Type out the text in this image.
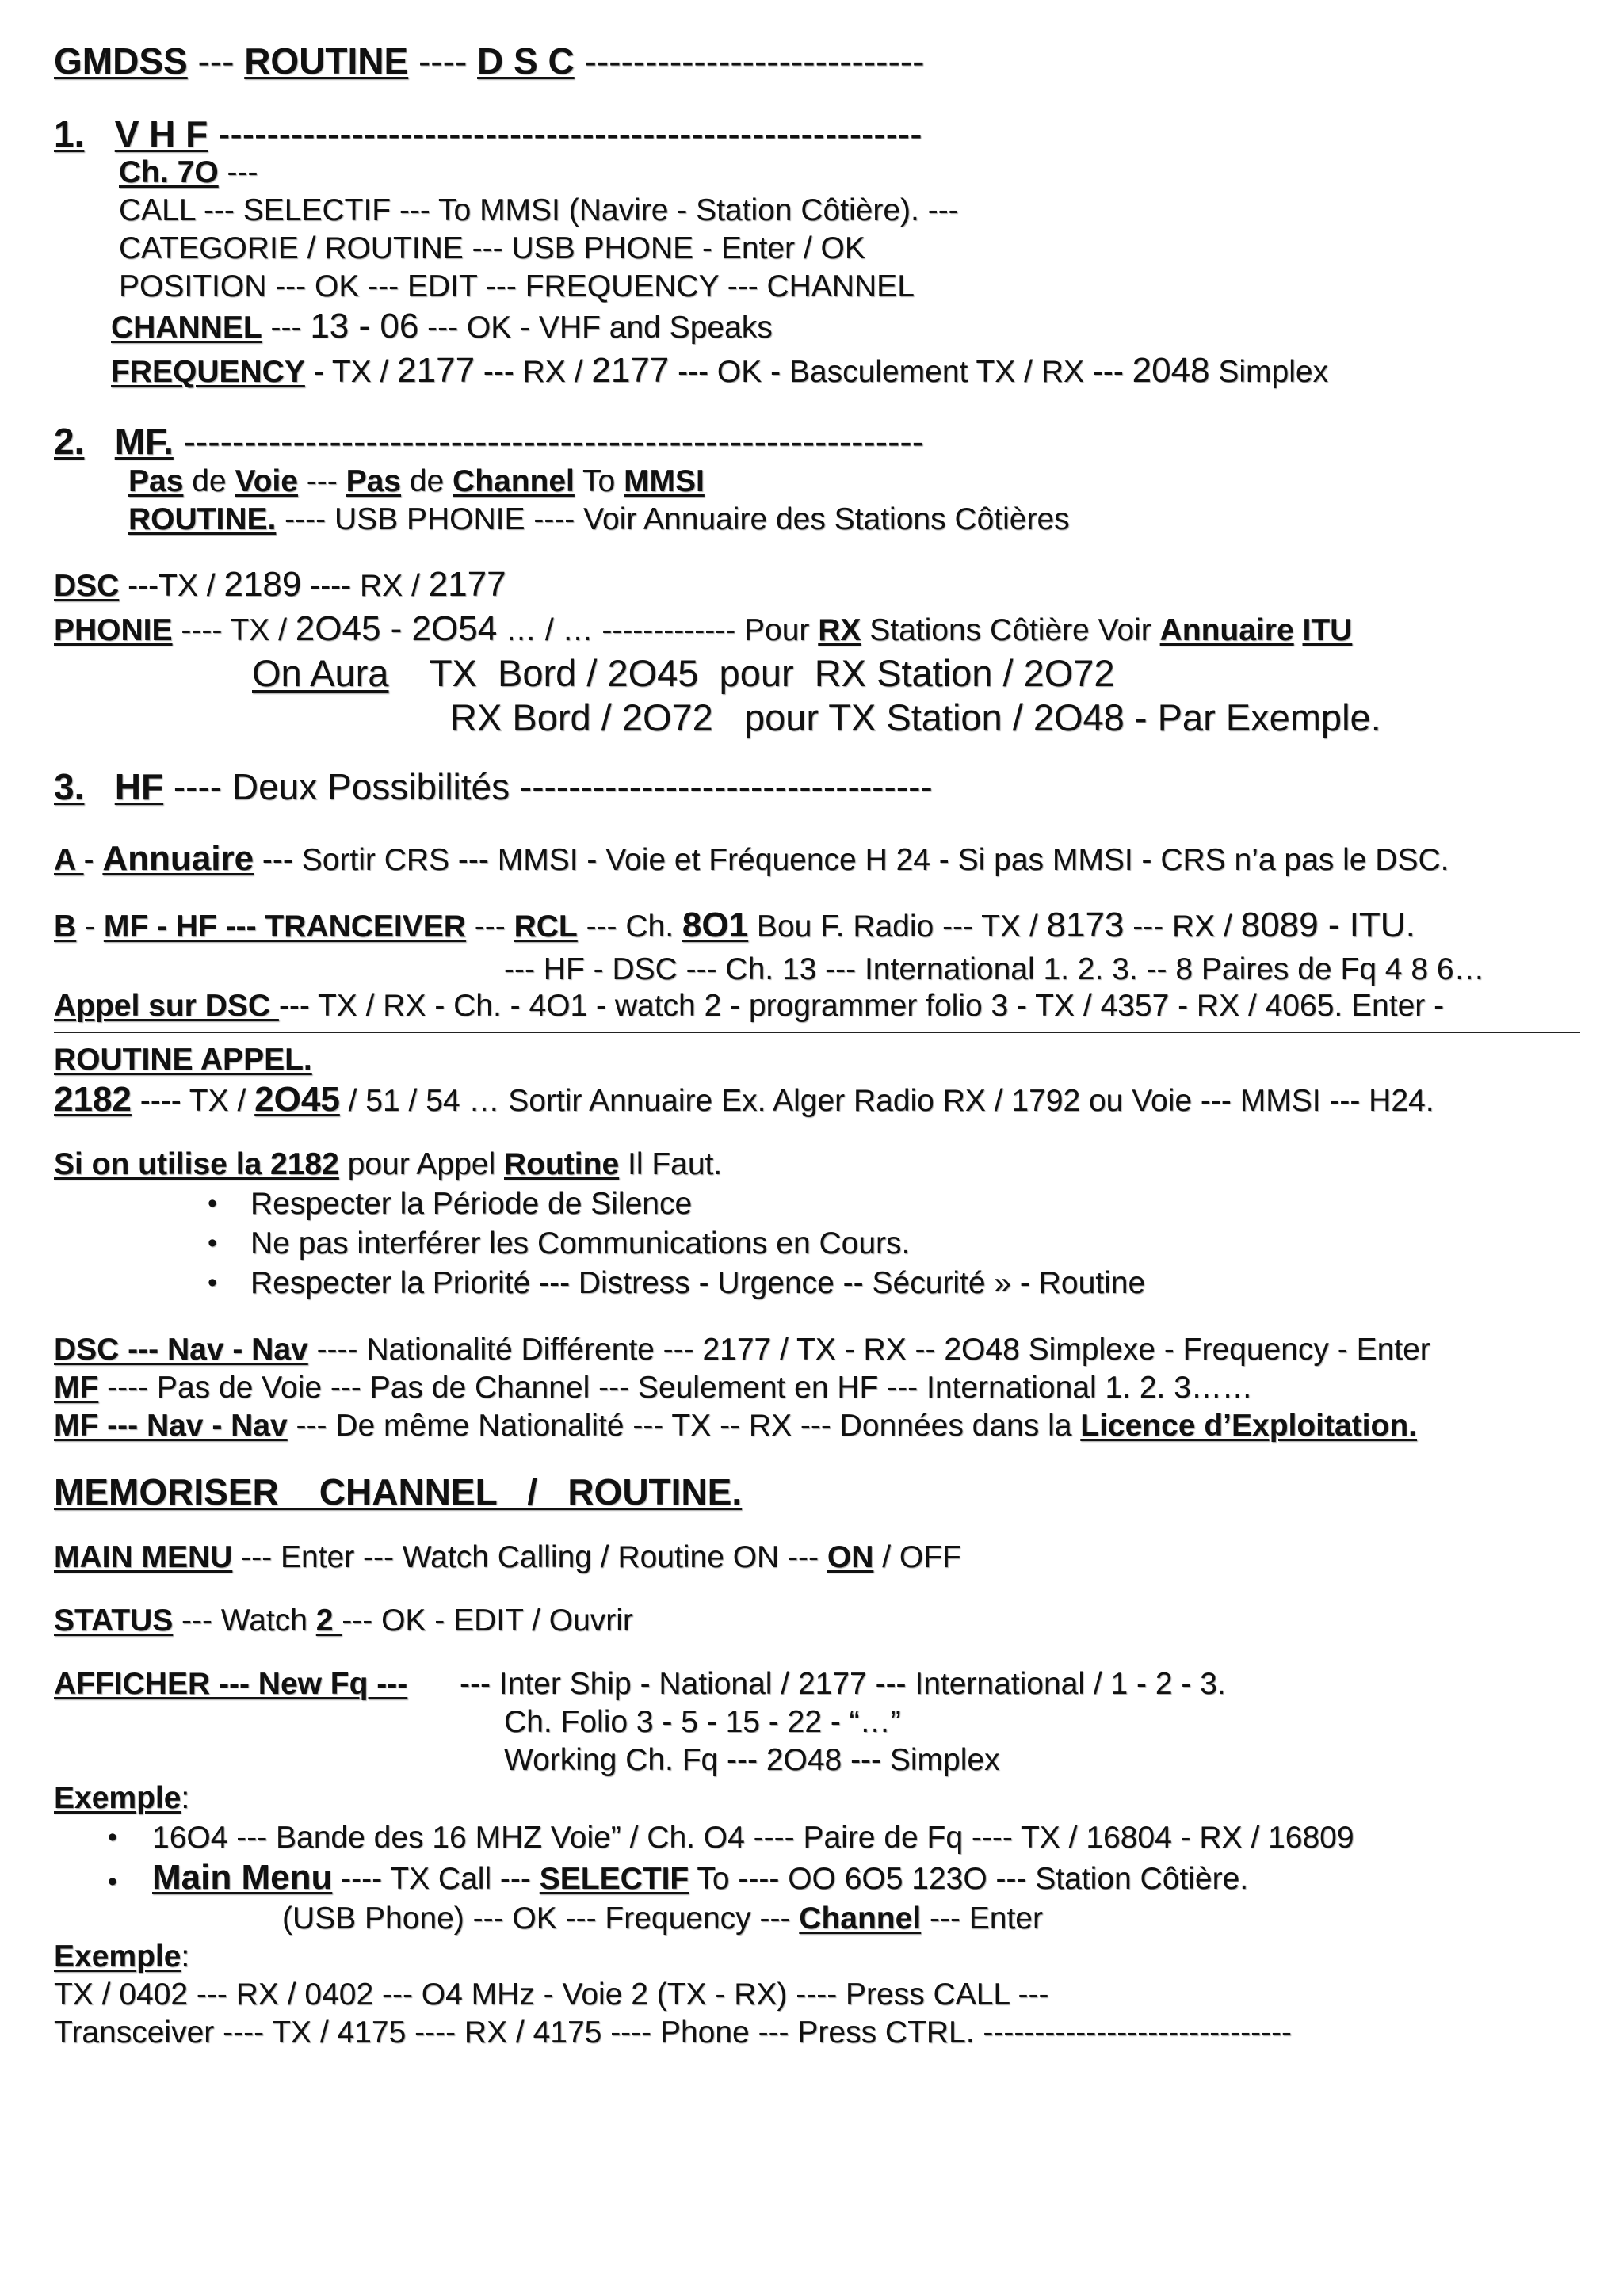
GMDSS --- ROUTINE ---- D S C ----------------------------
1. V H F ----------------------------------------------------------
Ch. 7O ---
CALL --- SELECTIF --- To MMSI (Navire - Station Côtière). ---
CATEGORIE / ROUTINE --- USB PHONE - Enter / OK
POSITION --- OK --- EDIT --- FREQUENCY --- CHANNEL
CHANNEL --- 13 - 06 --- OK - VHF and Speaks
FREQUENCY - TX / 2177 --- RX / 2177 --- OK - Basculement TX / RX --- 2048 Simplex
2. MF. -------------------------------------------------------------
Pas de Voie --- Pas de Channel To MMSI
ROUTINE. ---- USB PHONIE ---- Voir Annuaire des Stations Côtières
DSC ---TX / 2189 ---- RX / 2177
PHONIE ---- TX / 2O45 - 2O54 … / … ------------- Pour RX Stations Côtière Voir Annuaire ITU
On Aura    TX  Bord / 2O45  pour  RX Station / 2O72
RX Bord / 2O72   pour TX Station / 2O48 - Par Exemple.
3. HF ---- Deux Possibilités ----------------------------------
A - Annuaire --- Sortir CRS --- MMSI - Voie et Fréquence H 24 - Si pas MMSI - CRS n’a pas le DSC.
B - MF - HF --- TRANCEIVER --- RCL --- Ch. 8O1 Bou F. Radio --- TX / 8173 --- RX / 8089 - ITU.
--- HF - DSC --- Ch. 13 --- International 1. 2. 3. -- 8 Paires de Fq 4 8 6…
Appel sur DSC --- TX / RX - Ch. - 4O1 - watch 2 - programmer folio 3 - TX / 4357 - RX / 4065. Enter -
ROUTINE APPEL.
2182 ---- TX / 2O45 / 51 / 54 … Sortir Annuaire Ex. Alger Radio RX / 1792 ou Voie --- MMSI --- H24.
Si on utilise la 2182 pour Appel Routine Il Faut.
• Respecter la Période de Silence
• Ne pas interférer les Communications en Cours.
• Respecter la Priorité --- Distress - Urgence -- Sécurité » - Routine
DSC --- Nav - Nav ---- Nationalité Différente --- 2177 / TX - RX -- 2O48 Simplexe - Frequency - Enter
MF ---- Pas de Voie --- Pas de Channel --- Seulement en HF --- International 1. 2. 3……
MF --- Nav - Nav --- De même Nationalité --- TX -- RX --- Données dans la Licence d’Exploitation.
MEMORISER    CHANNEL   /   ROUTINE.
MAIN MENU --- Enter --- Watch Calling / Routine ON --- ON / OFF
STATUS --- Watch 2 --- OK - EDIT / Ouvrir
AFFICHER --- New Fq --- --- Inter Ship - National / 2177 --- International / 1 - 2 - 3.
Ch. Folio 3 - 5 - 15 - 22 - “…”
Working Ch. Fq --- 2O48 --- Simplex
Exemple:
• 16O4 --- Bande des 16 MHZ Voie” / Ch. O4 ---- Paire de Fq ---- TX / 16804 - RX / 16809
• Main Menu ---- TX Call --- SELECTIF To ---- OO 6O5 123O --- Station Côtière.
(USB Phone) --- OK --- Frequency --- Channel --- Enter
Exemple:
TX / 0402 --- RX / 0402 --- O4 MHz - Voie 2 (TX - RX) ---- Press CALL ---
Transceiver ---- TX / 4175 ---- RX / 4175 ---- Phone --- Press CTRL. ------------------------------
